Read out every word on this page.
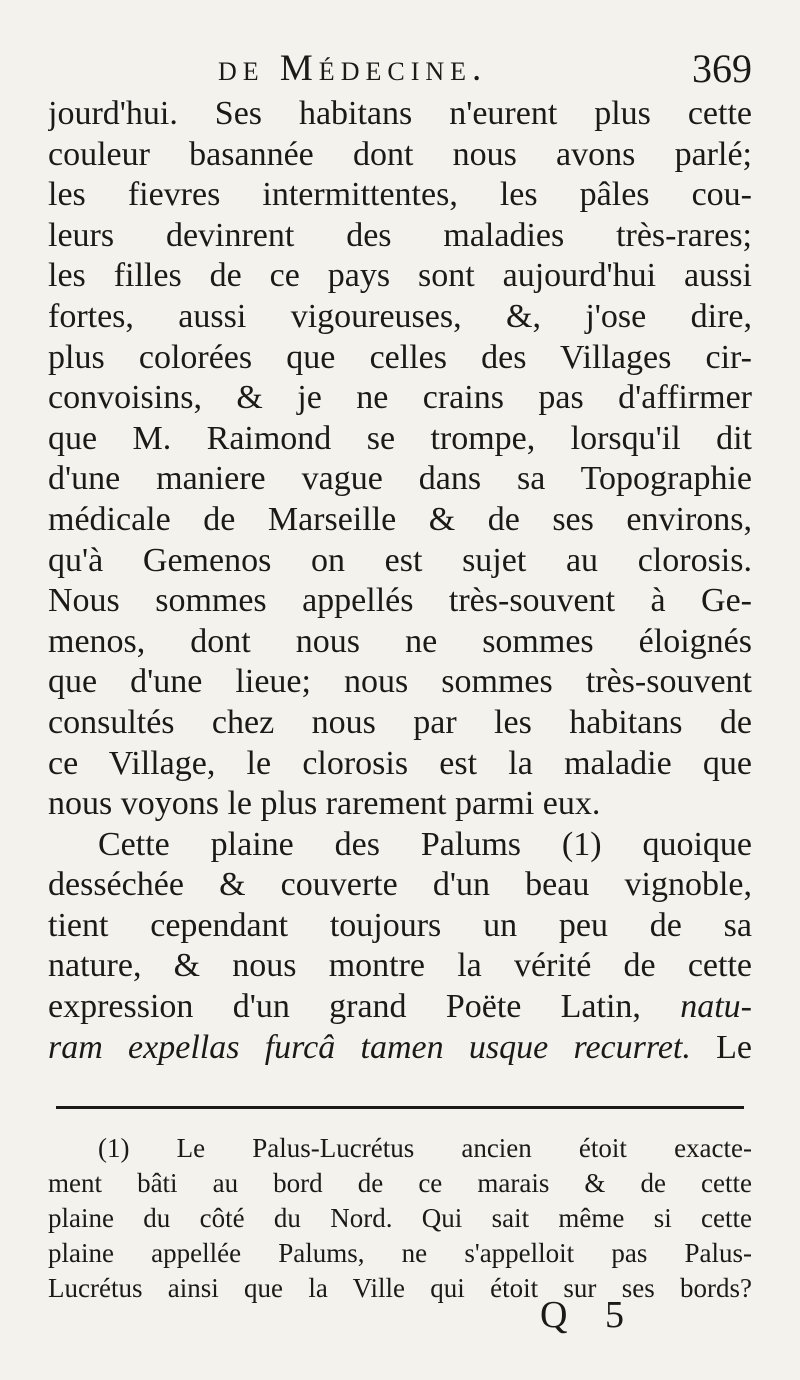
de Médecine.	369
jourd'hui. Ses habitans n'eurent plus cette
couleur basannée dont nous avons parlé;
les fievres intermittentes, les pâles cou-
leurs devinrent des maladies très-rares;
les filles de ce pays sont aujourd'hui aussi
fortes, aussi vigoureuses, &, j'ose dire,
plus colorées que celles des Villages cir-
convoisins, & je ne crains pas d'affirmer
que M. Raimond se trompe, lorsqu'il dit
d'une maniere vague dans sa Topographie
médicale de Marseille & de ses environs,
qu'à Gemenos on est sujet au clorosis.
Nous sommes appellés très-souvent à Ge-
menos, dont nous ne sommes éloignés
que d'une lieue; nous sommes très-souvent
consultés chez nous par les habitans de
ce Village, le clorosis est la maladie que
nous voyons le plus rarement parmi eux.
Cette plaine des Palums (1) quoique
desséchée & couverte d'un beau vignoble,
tient cependant toujours un peu de sa
nature, & nous montre la vérité de cette
expression d'un grand Poëte Latin, natu-
ram expellas furcâ tamen usque recurret. Le
(1) Le Palus-Lucrétus ancien étoit exacte-
ment bâti au bord de ce marais & de cette
plaine du côté du Nord. Qui sait même si cette
plaine appellée Palums, ne s'appelloit pas Palus-
Lucrétus ainsi que la Ville qui étoit sur ses bords?
Q 5
